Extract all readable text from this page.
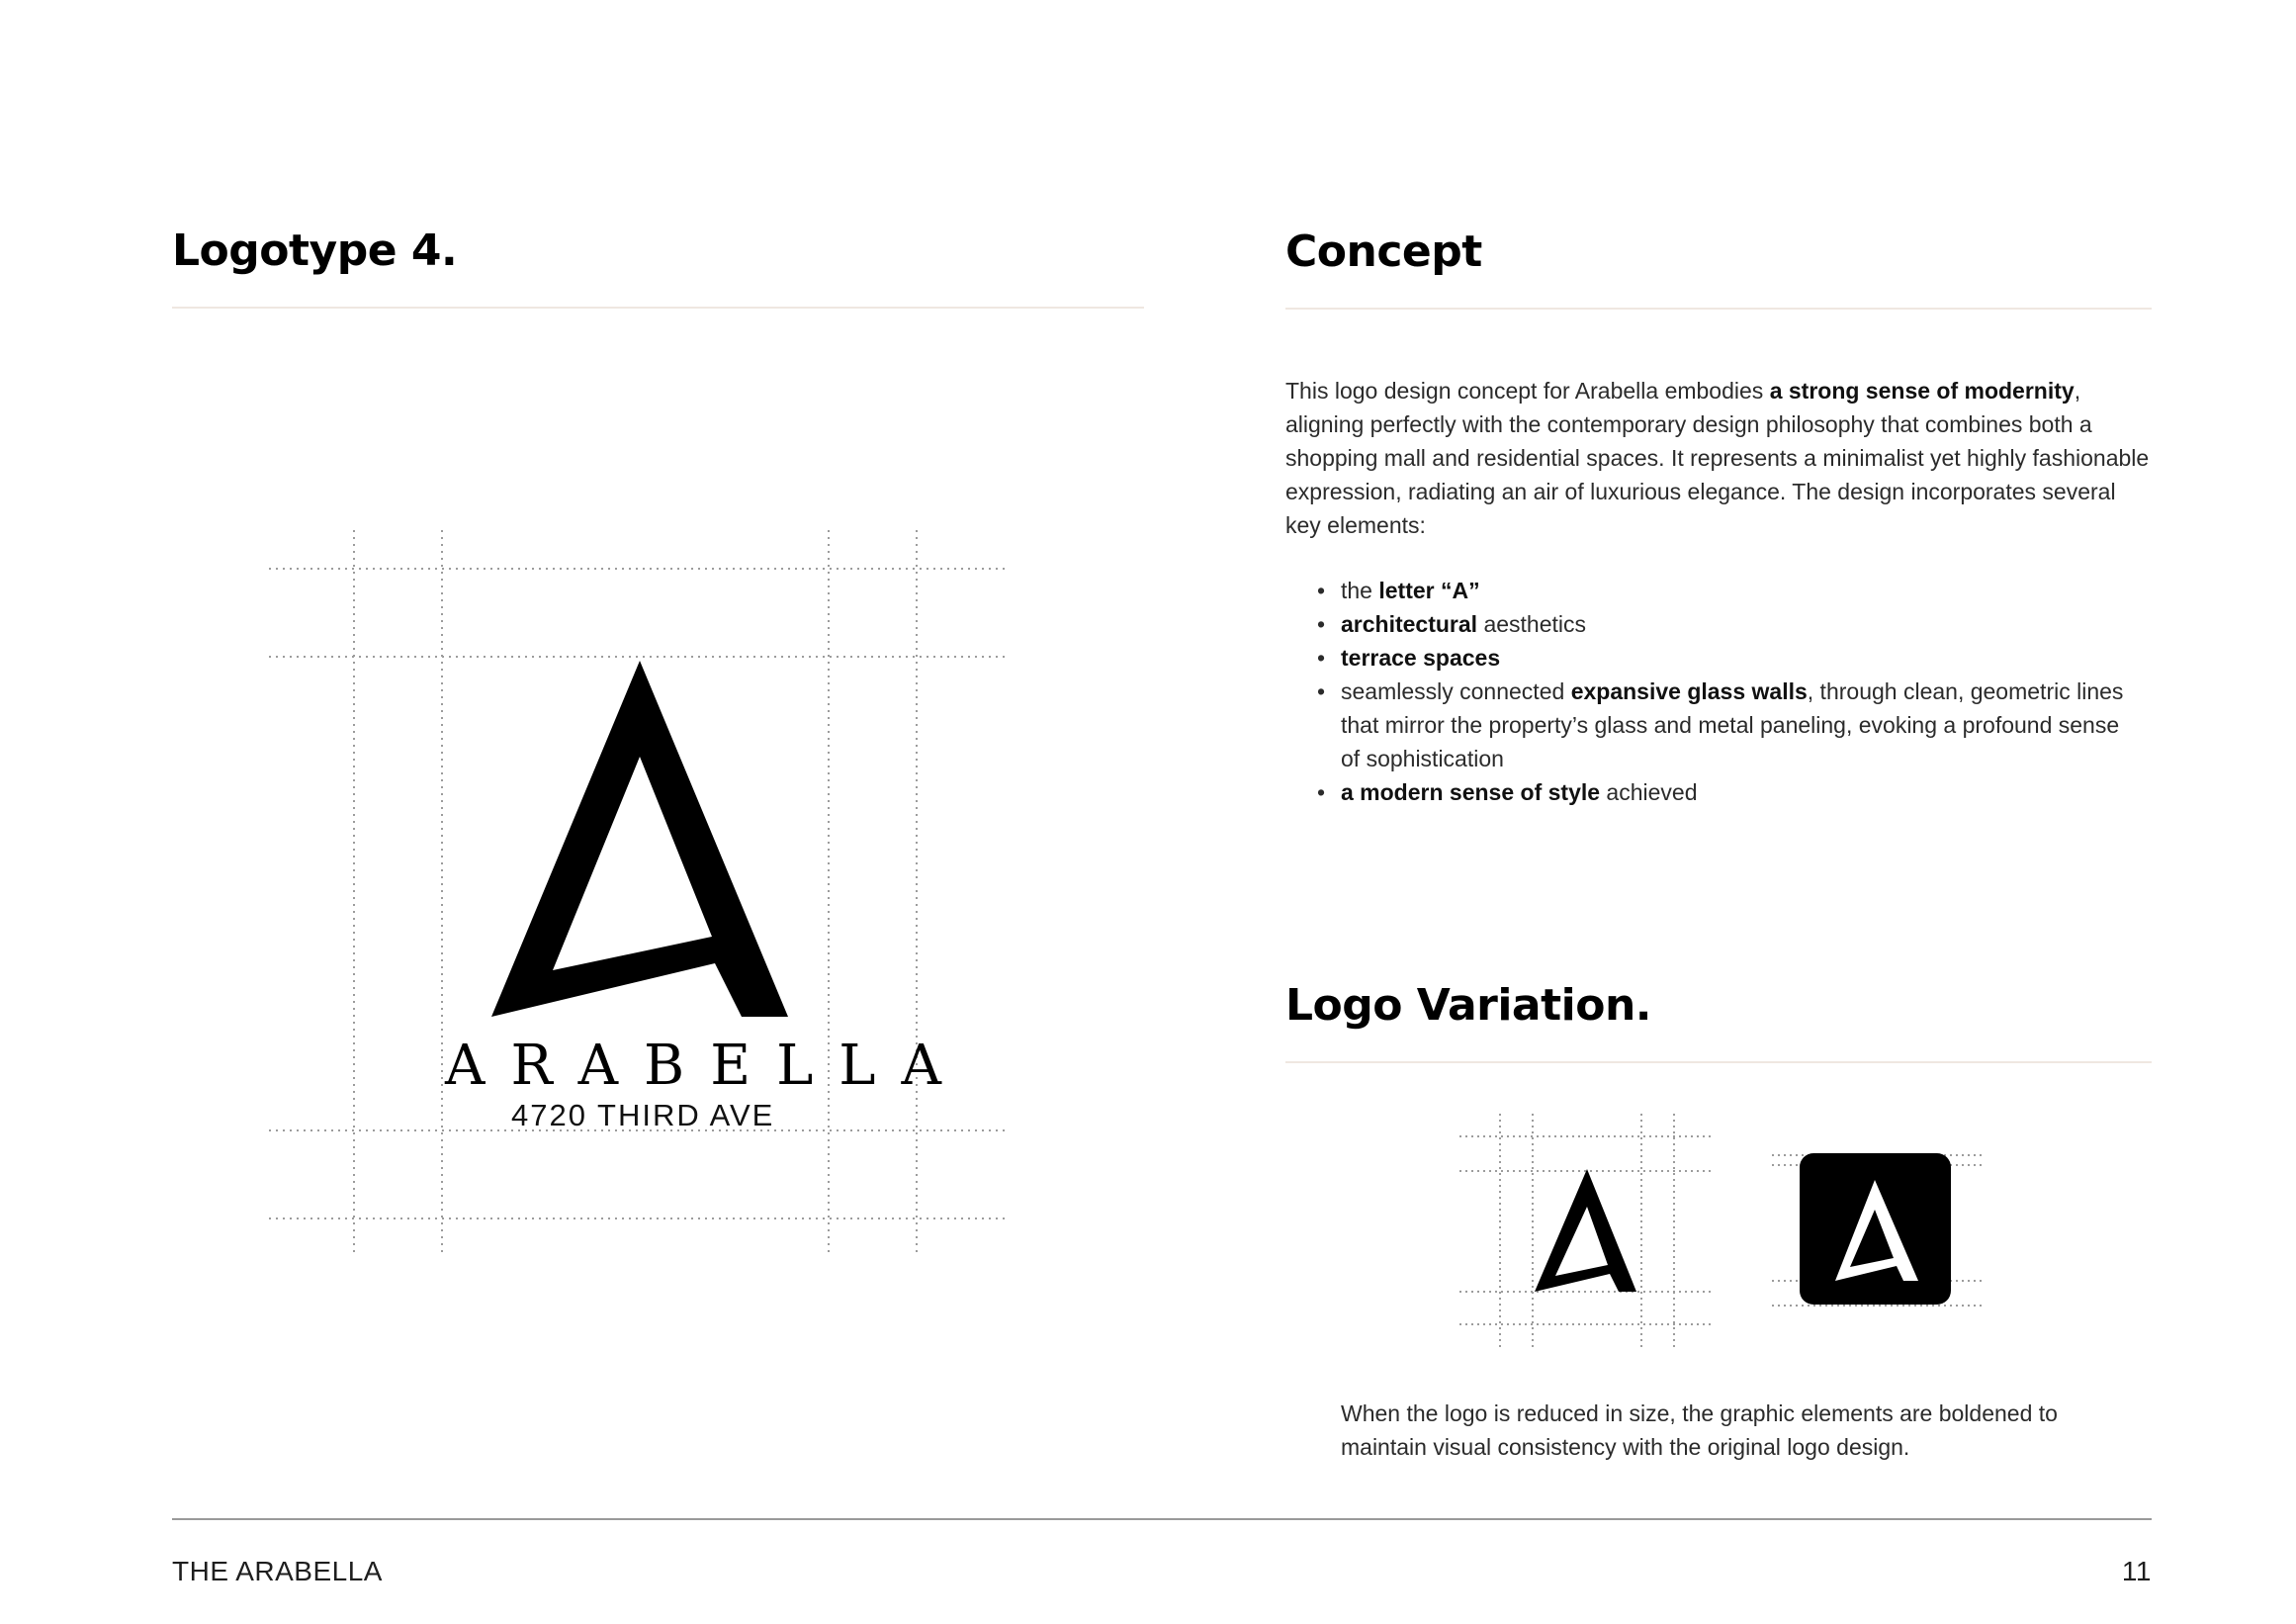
Logotype 4.
ARABELLA
4720 THIRD AVE
Concept
This logo design concept for Arabella embodies a strong sense of modernity, aligning perfectly with the contemporary design philosophy that combines both a shopping mall and residential spaces. It represents a minimalist yet highly fashionable expression, radiating an air of luxurious elegance. The design incorporates several key elements:
• the letter “A”
• architectural aesthetics
• terrace spaces
• seamlessly connected expansive glass walls, through clean, geometric lines that mirror the property’s glass and metal paneling, evoking a profound sense of sophistication
• a modern sense of style achieved
Logo Variation.
When the logo is reduced in size, the graphic elements are boldened to maintain visual consistency with the original logo design.
THE ARABELLA	11
